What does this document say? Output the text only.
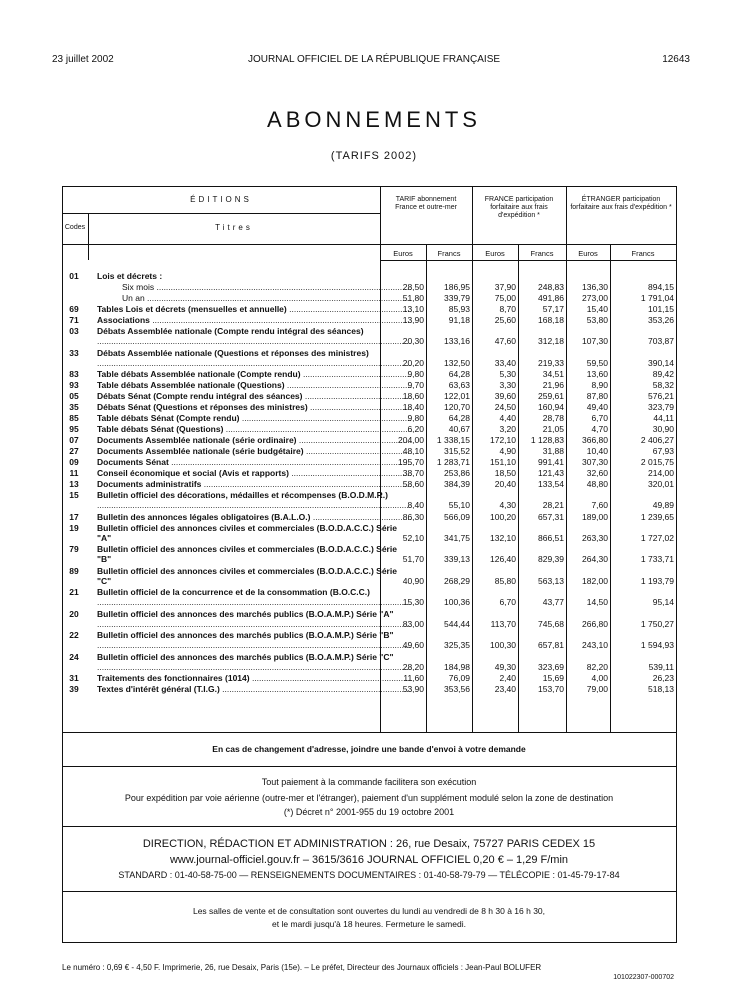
23 juillet 2002	JOURNAL OFFICIEL DE LA RÉPUBLIQUE FRANÇAISE	12643
ABONNEMENTS
(TARIFS 2002)
ÉDITIONS
Codes	Titres
TARIF abonnement France et outre-mer
FRANCE participation forfaitaire aux frais d'expédition *
ÉTRANGER participation forfaitaire aux frais d'expédition *
Euros	Francs	Euros	Francs	Euros	Francs
01	Lois et décrets :
Six mois .....	28,50	186,95	37,90	248,83	136,30	894,15
Un an .....	51,80	339,79	75,00	491,86	273,00	1 791,04
69	Tables Lois et décrets (mensuelles et annuelle) .....	13,10	85,93	8,70	57,17	15,40	101,15
71	Associations .....	13,90	91,18	25,60	168,18	53,80	353,26
03	Débats Assemblée nationale (Compte rendu intégral des séances) .....
20,30	133,16	47,60	312,18	107,30	703,87
33	Débats Assemblée nationale (Questions et réponses des ministres) .....
20,20	132,50	33,40	219,33	59,50	390,14
83	Table débats Assemblée nationale (Compte rendu) .....	9,80	64,28	5,30	34,51	13,60	89,42
93	Table débats Assemblée nationale (Questions) .....	9,70	63,63	3,30	21,96	8,90	58,32
05	Débats Sénat (Compte rendu intégral des séances) .....	18,60	122,01	39,60	259,61	87,80	576,21
35	Débats Sénat (Questions et réponses des ministres) .....	18,40	120,70	24,50	160,94	49,40	323,79
85	Table débats Sénat (Compte rendu) .....	9,80	64,28	4,40	28,78	6,70	44,11
95	Table débats Sénat (Questions) .....	6,20	40,67	3,20	21,05	4,70	30,90
07	Documents Assemblée nationale (série ordinaire) .....	204,00	1 338,15	172,10	1 128,83	366,80	2 406,27
27	Documents Assemblée nationale (série budgétaire) .....	48,10	315,52	4,90	31,88	10,40	67,93
09	Documents Sénat .....	195,70	1 283,71	151,10	991,41	307,30	2 015,75
11	Conseil économique et social (Avis et rapports) .....	38,70	253,86	18,50	121,43	32,60	214,00
13	Documents administratifs .....	58,60	384,39	20,40	133,54	48,80	320,01
15	Bulletin officiel des décorations, médailles et récompenses (B.O.D.M.R.) .....
8,40	55,10	4,30	28,21	7,60	49,89
17	Bulletin des annonces légales obligatoires (B.A.L.O.) .....	86,30	566,09	100,20	657,31	189,00	1 239,65
19	Bulletin officiel des annonces civiles et commerciales (B.O.D.A.C.C.) Série "A" .....	52,10	341,75	132,10	866,51	263,30	1 727,02
79	Bulletin officiel des annonces civiles et commerciales (B.O.D.A.C.C.) Série "B" .....	51,70	339,13	126,40	829,39	264,30	1 733,71
89	Bulletin officiel des annonces civiles et commerciales (B.O.D.A.C.C.) Série "C" .....	40,90	268,29	85,80	563,13	182,00	1 193,79
21	Bulletin officiel de la concurrence et de la consommation (B.O.C.C.) .....
15,30	100,36	6,70	43,77	14,50	95,14
20	Bulletin officiel des annonces des marchés publics (B.O.A.M.P.) Série "A" .....
83,00	544,44	113,70	745,68	266,80	1 750,27
22	Bulletin officiel des annonces des marchés publics (B.O.A.M.P.) Série "B" .....
49,60	325,35	100,30	657,81	243,10	1 594,93
24	Bulletin officiel des annonces des marchés publics (B.O.A.M.P.) Série "C" .....
28,20	184,98	49,30	323,69	82,20	539,11
31	Traitements des fonctionnaires (1014) .....	11,60	76,09	2,40	15,69	4,00	26,23
39	Textes d'intérêt général (T.I.G.) .....	53,90	353,56	23,40	153,70	79,00	518,13
En cas de changement d'adresse, joindre une bande d'envoi à votre demande
Tout paiement à la commande facilitera son exécution
Pour expédition par voie aérienne (outre-mer et l'étranger), paiement d'un supplément modulé selon la zone de destination
(*) Décret n° 2001-955 du 19 octobre 2001
DIRECTION, RÉDACTION ET ADMINISTRATION : 26, rue Desaix, 75727 PARIS CEDEX 15
www.journal-officiel.gouv.fr – 3615/3616 JOURNAL OFFICIEL 0,20 € – 1,29 F/min
STANDARD : 01-40-58-75-00 — RENSEIGNEMENTS DOCUMENTAIRES : 01-40-58-79-79 — TÉLÉCOPIE : 01-45-79-17-84
Les salles de vente et de consultation sont ouvertes du lundi au vendredi de 8 h 30 à 16 h 30,
et le mardi jusqu'à 18 heures. Fermeture le samedi.
Le numéro : 0,69 € - 4,50 F. Imprimerie, 26, rue Desaix, Paris (15e). – Le préfet, Directeur des Journaux officiels : Jean-Paul BOLUFER
101022307-000702
